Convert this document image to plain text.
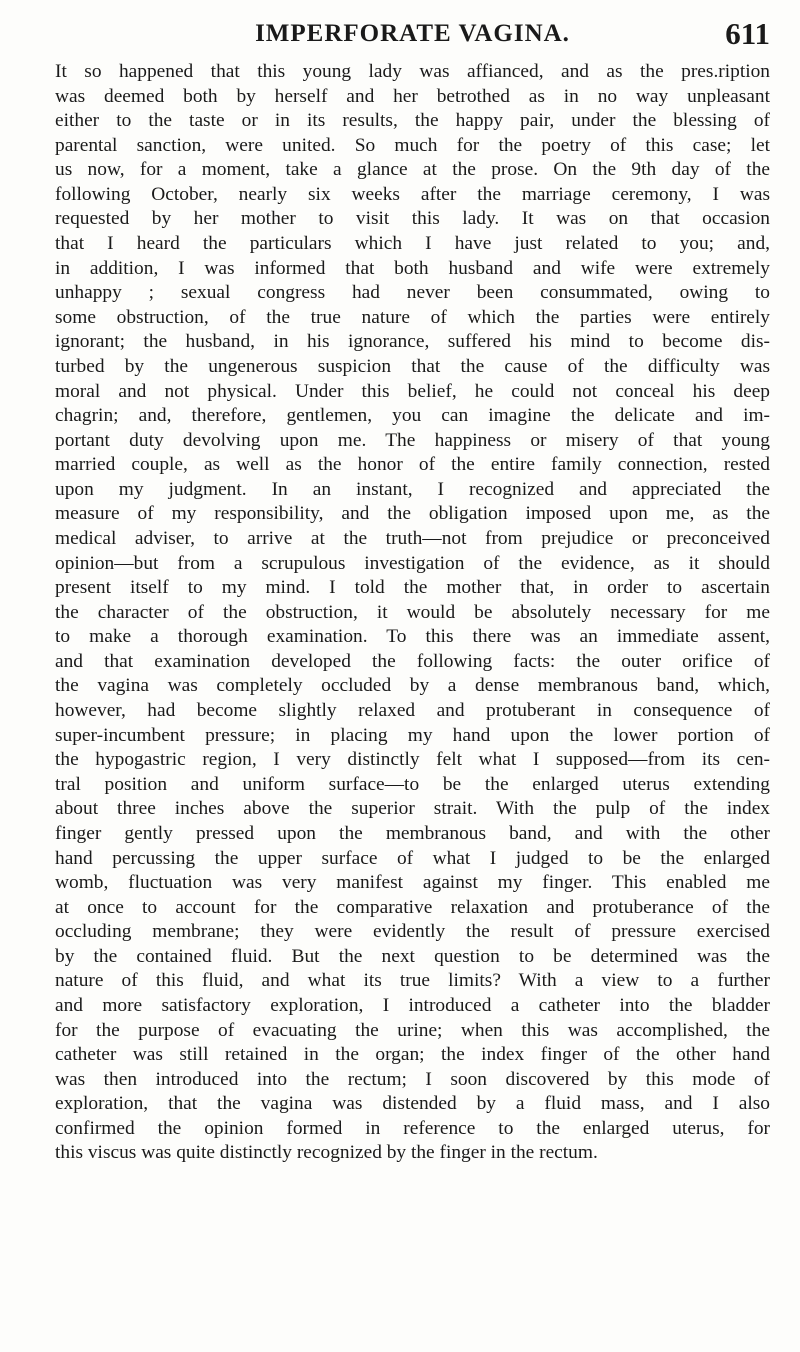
IMPERFORATE VAGINA.	611
It so happened that this young lady was affianced, and as the pres.ription
was deemed both by herself and her betrothed as in no way unpleasant
either to the taste or in its results, the happy pair, under the blessing of
parental sanction, were united. So much for the poetry of this case; let
us now, for a moment, take a glance at the prose. On the 9th day of the
following October, nearly six weeks after the marriage ceremony, I was
requested by her mother to visit this lady. It was on that occasion
that I heard the particulars which I have just related to you; and,
in addition, I was informed that both husband and wife were extremely
unhappy ; sexual congress had never been consummated, owing to
some obstruction, of the true nature of which the parties were entirely
ignorant; the husband, in his ignorance, suffered his mind to become dis-
turbed by the ungenerous suspicion that the cause of the difficulty was
moral and not physical. Under this belief, he could not conceal his deep
chagrin; and, therefore, gentlemen, you can imagine the delicate and im-
portant duty devolving upon me. The happiness or misery of that young
married couple, as well as the honor of the entire family connection, rested
upon my judgment. In an instant, I recognized and appreciated the
measure of my responsibility, and the obligation imposed upon me, as the
medical adviser, to arrive at the truth—not from prejudice or preconceived
opinion—but from a scrupulous investigation of the evidence, as it should
present itself to my mind. I told the mother that, in order to ascertain
the character of the obstruction, it would be absolutely necessary for me
to make a thorough examination. To this there was an immediate assent,
and that examination developed the following facts: the outer orifice of
the vagina was completely occluded by a dense membranous band, which,
however, had become slightly relaxed and protuberant in consequence of
super-incumbent pressure; in placing my hand upon the lower portion of
the hypogastric region, I very distinctly felt what I supposed—from its cen-
tral position and uniform surface—to be the enlarged uterus extending
about three inches above the superior strait. With the pulp of the index
finger gently pressed upon the membranous band, and with the other
hand percussing the upper surface of what I judged to be the enlarged
womb, fluctuation was very manifest against my finger. This enabled me
at once to account for the comparative relaxation and protuberance of the
occluding membrane; they were evidently the result of pressure exercised
by the contained fluid. But the next question to be determined was the
nature of this fluid, and what its true limits? With a view to a further
and more satisfactory exploration, I introduced a catheter into the bladder
for the purpose of evacuating the urine; when this was accomplished, the
catheter was still retained in the organ; the index finger of the other hand
was then introduced into the rectum; I soon discovered by this mode of
exploration, that the vagina was distended by a fluid mass, and I also
confirmed the opinion formed in reference to the enlarged uterus, for
this viscus was quite distinctly recognized by the finger in the rectum.
